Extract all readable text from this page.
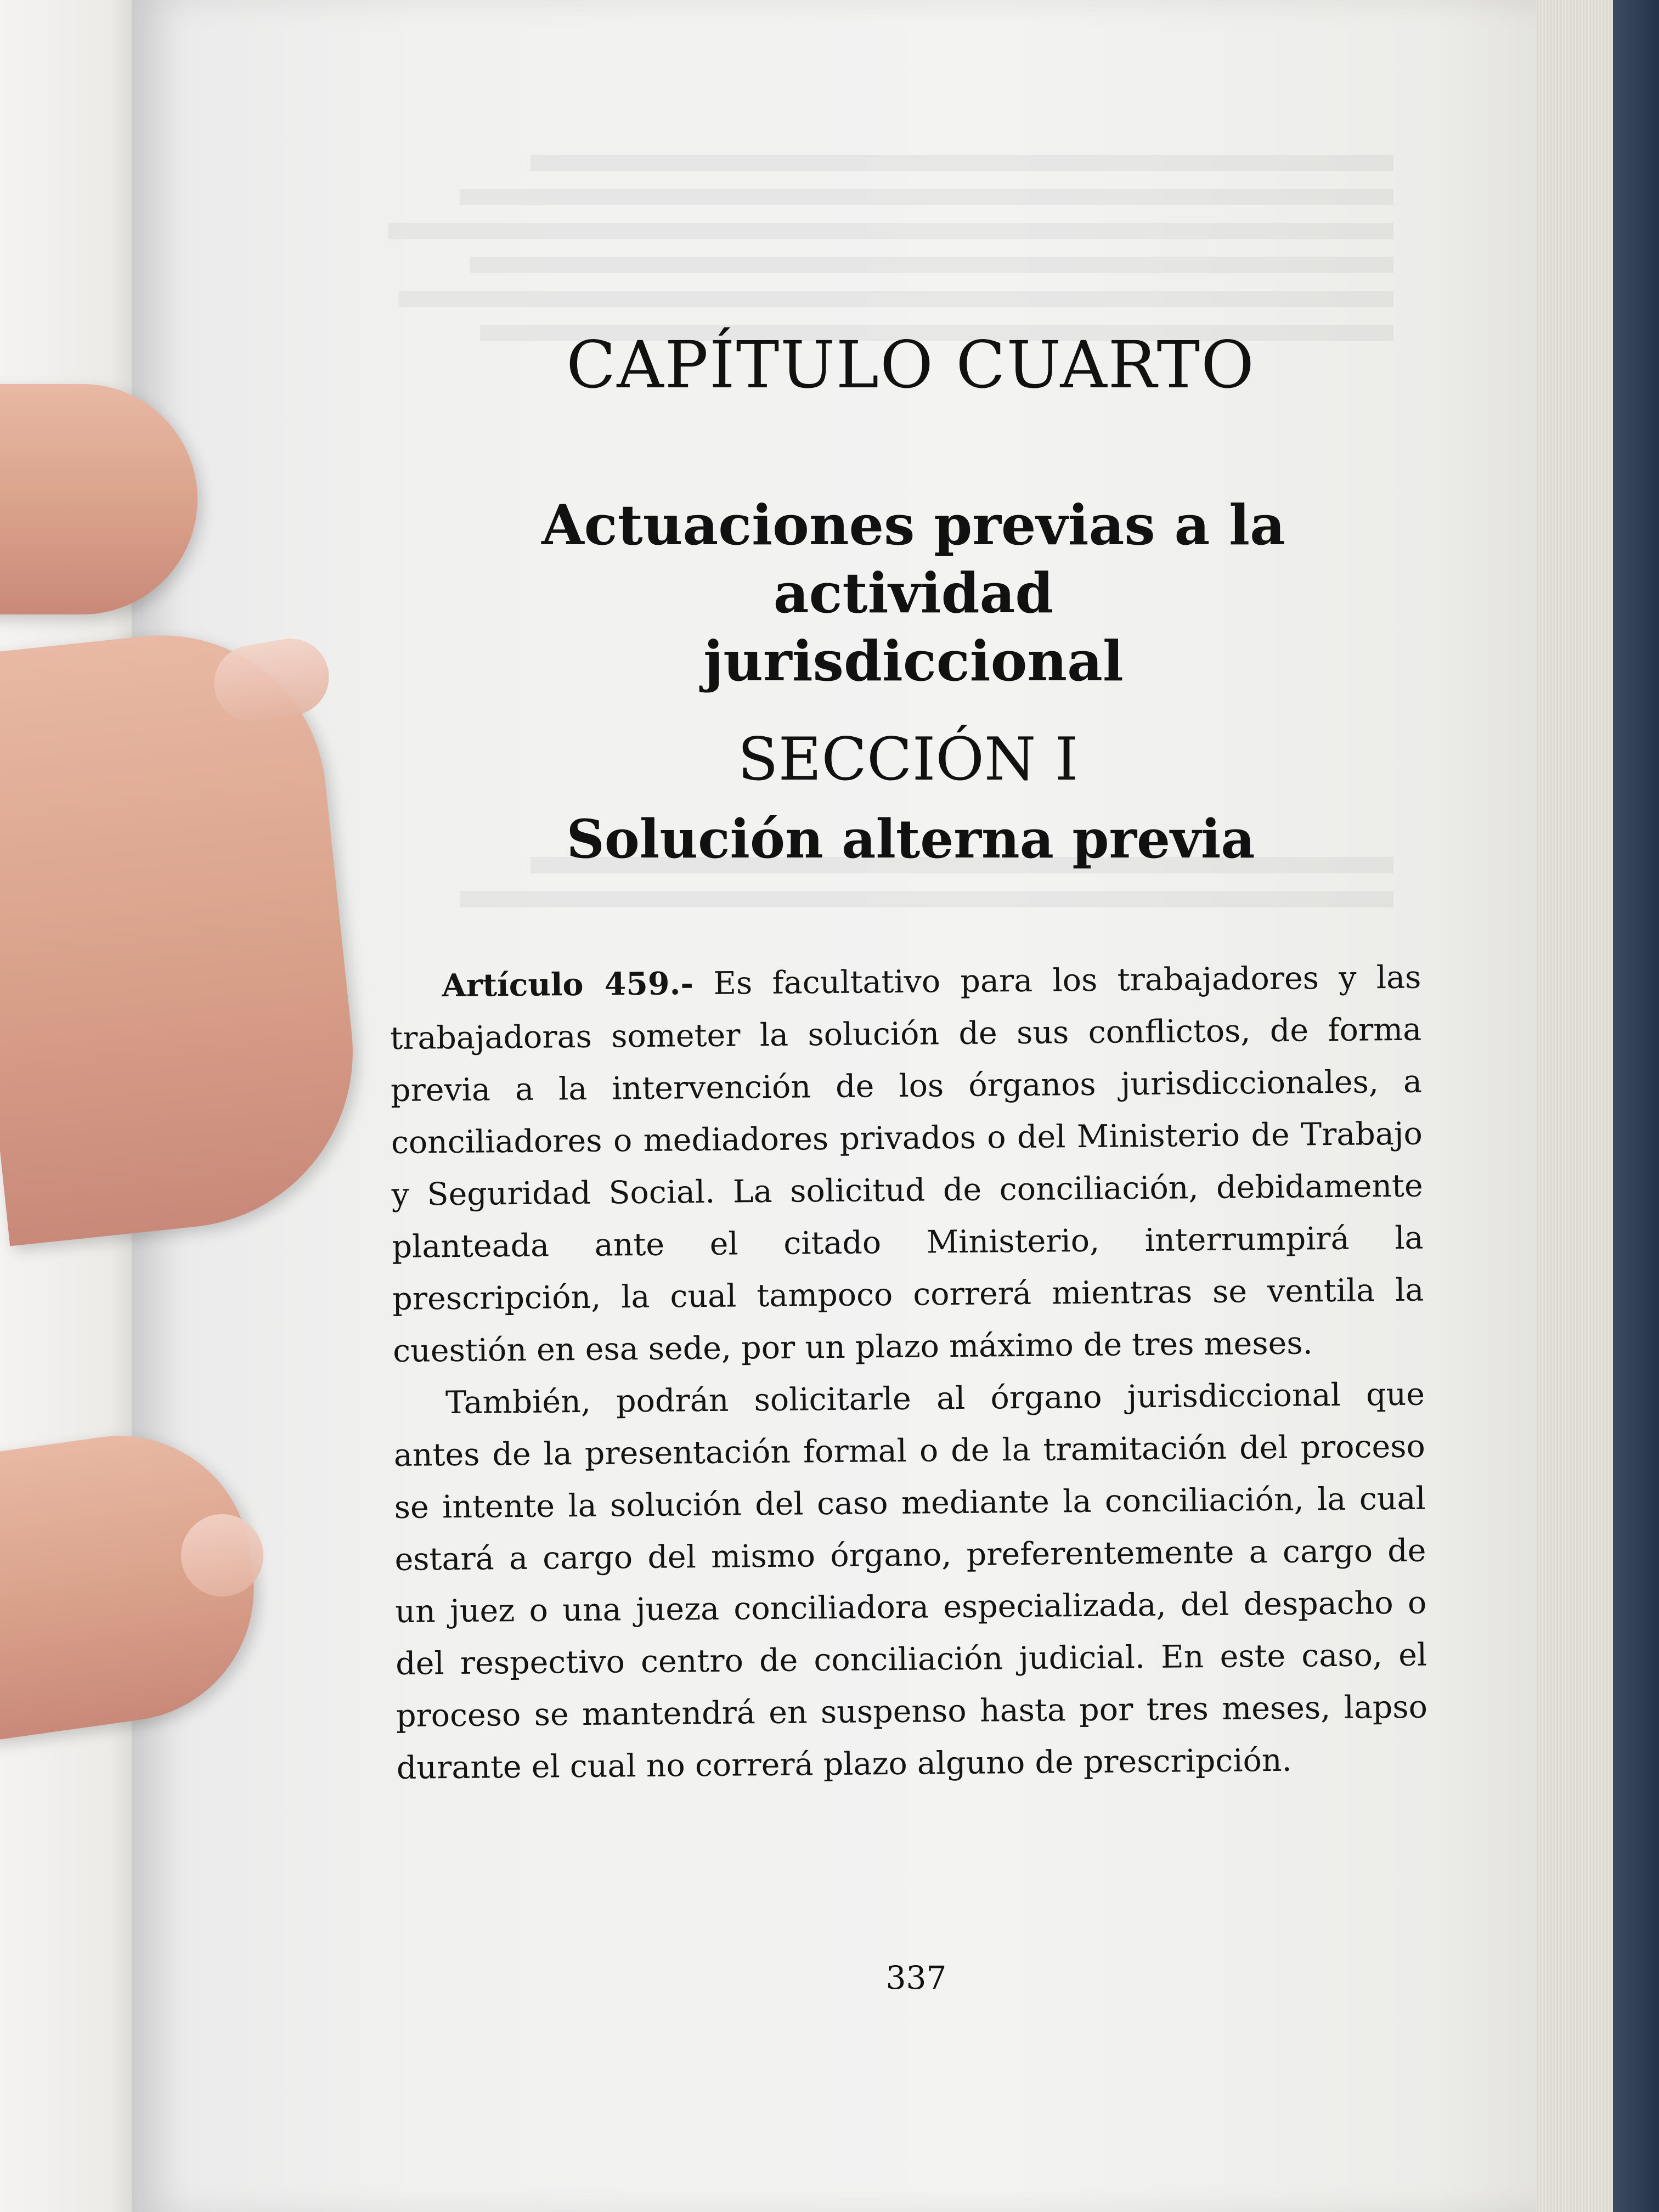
CAPÍTULO CUARTO
Actuaciones previas a la actividad
jurisdiccional
SECCIÓN I
Solución alterna previa

Artículo 459.- Es facultativo para los trabajadores y las trabajadoras someter la solución de sus conflictos, de forma previa a la intervención de los órganos jurisdiccionales, a conciliadores o mediadores privados o del Ministerio de Trabajo y Seguridad Social. La solicitud de conciliación, debidamente planteada ante el citado Ministerio, interrumpirá la prescripción, la cual tampoco correrá mientras se ventila la cuestión en esa sede, por un plazo máximo de tres meses.

También, podrán solicitarle al órgano jurisdiccional que antes de la presentación formal o de la tramitación del proceso se intente la solución del caso mediante la conciliación, la cual estará a cargo del mismo órgano, preferentemente a cargo de un juez o una jueza conciliadora especializada, del despacho o del respectivo centro de conciliación judicial. En este caso, el proceso se mantendrá en suspenso hasta por tres meses, lapso durante el cual no correrá plazo alguno de prescripción.

337
